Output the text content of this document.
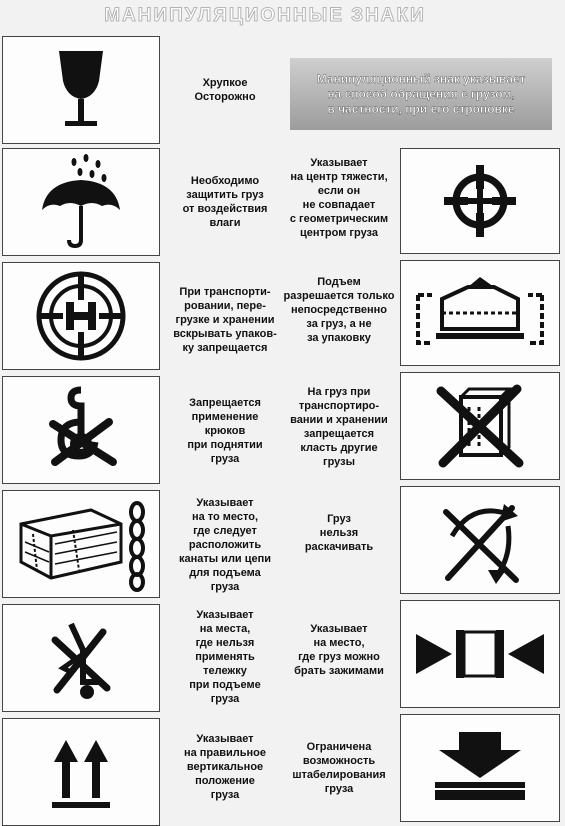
МАНИПУЛЯЦИОННЫЕ ЗНАКИ
Манипуляционный знак указывает
на способ обращения с грузом,
в частности, при его строповке
Хрупкое
Осторожно
Необходимо
защитить груз
от воздействия
влаги
При транспорти-
ровании, пере-
грузке и хранении
вскрывать упаков-
ку запрещается
Запрещается
применение
крюков
при поднятии
груза
Указывает
на то место,
где следует
расположить
канаты или цепи
для подъема
груза
Указывает
на места,
где нельзя
применять
тележку
при подъеме
груза
Указывает
на правильное
вертикальное
положение
груза
Указывает
на центр тяжести,
если он
не совпадает
с геометрическим
центром груза
Подъем
разрешается только
непосредственно
за груз, а не
за упаковку
На груз при
транспортиро-
вании и хранении
запрещается
класть другие
грузы
Груз
нельзя
раскачивать
Указывает
на место,
где груз можно
брать зажимами
Ограничена
возможность
штабелирования
груза
